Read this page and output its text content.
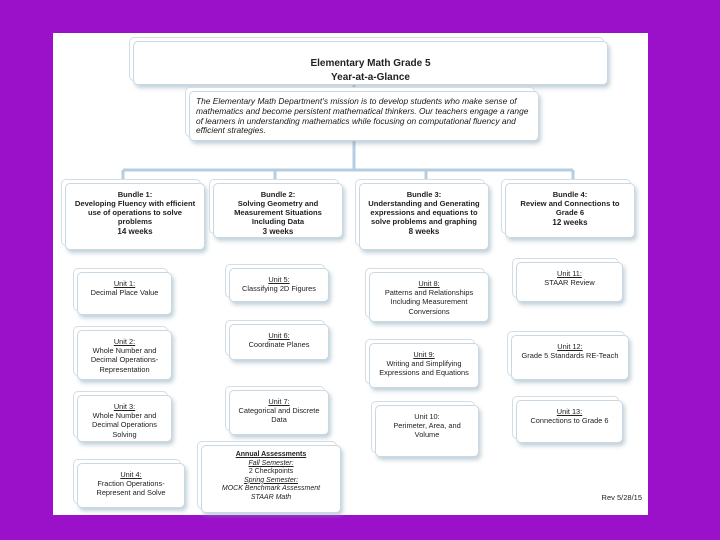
Elementary Math Grade 5
Year-at-a-Glance
The Elementary Math Department’s mission is to develop students who make sense of mathematics and become persistent mathematical thinkers. Our teachers engage a range of learners in understanding mathematics while focusing on computational fluency and efficient strategies.
Bundle 1:
Developing Fluency with efficient use of operations to solve problems
14 weeks
Bundle 2:
Solving Geometry and Measurement Situations Including Data
3 weeks
Bundle 3:
Understanding and Generating expressions and equations to solve problems and graphing
8 weeks
Bundle 4:
Review and Connections to Grade 6
12 weeks
Unit 1:
Decimal Place Value
Unit 2:
Whole Number and Decimal Operations-Representation
Unit 3:
Whole Number and Decimal Operations Solving
Unit 4:
Fraction Operations-Represent and Solve
Unit 5:
Classifying 2D Figures
Unit 6:
Coordinate Planes
Unit 7:
Categorical and Discrete Data
Annual Assessments
Fall Semester:
2 Checkpoints
Spring Semester:
MOCK Benchmark Assessment
STAAR Math
Unit 8:
Patterns and Relationships Including Measurement Conversions
Unit 9:
Writing and Simplifying Expressions and Equations
Unit 10:
Perimeter, Area, and Volume
Unit 11:
STAAR Review
Unit 12:
Grade 5 Standards RE-Teach
Unit 13:
Connections to Grade 6
Rev 5/28/15
